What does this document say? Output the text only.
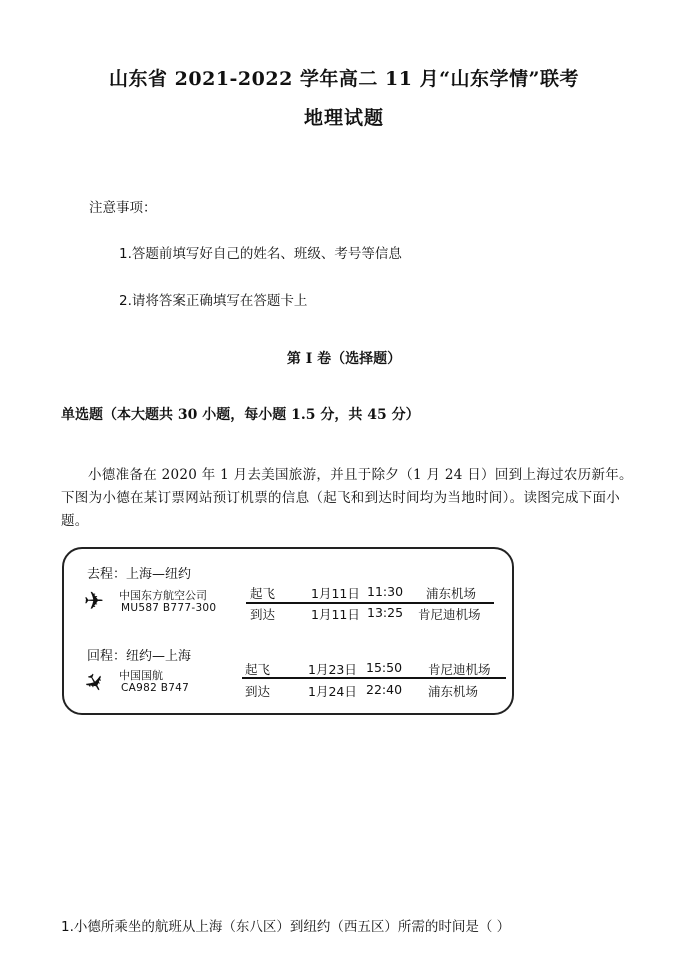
山东省 2021-2022 学年高二 11 月“山东学情”联考
地理试题
注意事项：
1.答题前填写好自己的姓名、班级、考号等信息
2.请将答案正确填写在答题卡上
第 Ⅰ 卷（选择题）
单选题（本大题共 30 小题，每小题 1.5 分，共 45 分）
小德准备在 2020 年 1 月去美国旅游，并且于除夕（1 月 24 日）回到上海过农历新年。下图为小德在某订票网站预订机票的信息（起飞和到达时间均为当地时间）。读图完成下面小题。
去程：上海—纽约
✈ 中国东方航空公司
MU587 B777-300
起飞	1月11日 11:30 浦东机场
到达	1月11日 13:25 肯尼迪机场
回程：纽约—上海
✈ 中国国航
CA982 B747
起飞	1月23日 15:50 肯尼迪机场
到达	1月24日 22:40 浦东机场
1.小德所乘坐的航班从上海（东八区）到纽约（西五区）所需的时间是（ ）
